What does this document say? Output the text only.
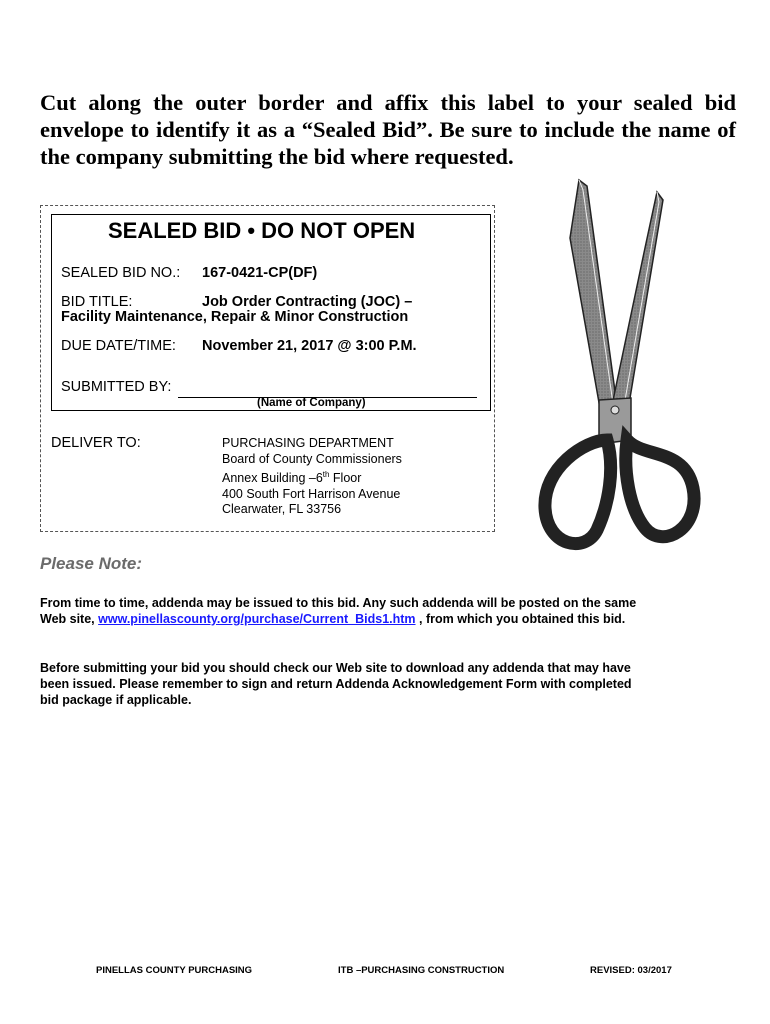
Cut along the outer border and affix this label to your sealed bid envelope to identify it as a “Sealed Bid”. Be sure to include the name of the company submitting the bid where requested.

SEALED BID • DO NOT OPEN
SEALED BID NO.: 167-0421-CP(DF)
BID TITLE:	Job Order Contracting (JOC) –
Facility Maintenance, Repair & Minor Construction
DUE DATE/TIME: November 21, 2017 @ 3:00 P.M.
SUBMITTED BY:
(Name of Company)
DELIVER TO:	PURCHASING DEPARTMENT
Board of County Commissioners
Annex Building –6th Floor
400 South Fort Harrison Avenue
Clearwater, FL 33756
Please Note:

From time to time, addenda may be issued to this bid. Any such addenda will be posted on the same Web site, www.pinellascounty.org/purchase/Current_Bids1.htm , from which you obtained this bid.

Before submitting your bid you should check our Web site to download any addenda that may have been issued. Please remember to sign and return Addenda Acknowledgement Form with completed bid package if applicable.

PINELLAS COUNTY PURCHASING	ITB –PURCHASING CONSTRUCTION	REVISED: 03/2017
